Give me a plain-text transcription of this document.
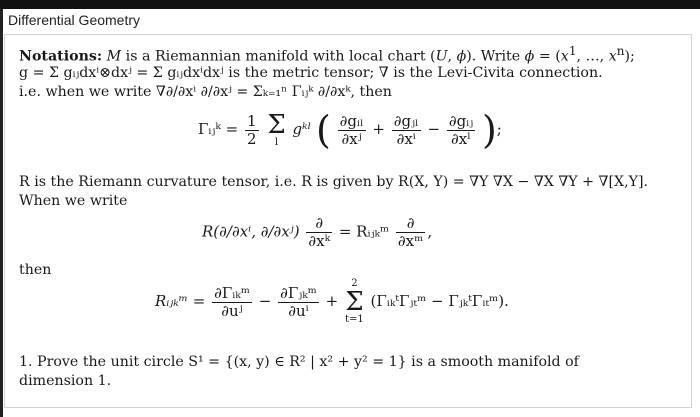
Differential Geometry
Notations: M is a Riemannian manifold with local chart (U, ϕ). Write $\phi = (x^1$, …, $x^n$);
g = Σ gᵢⱼdxⁱ⊗dxʲ = Σ gᵢⱼdxⁱdxʲ is the metric tensor; ∇ is the Levi-Civita connection.
i.e. when we write ∇∂/∂xⁱ ∂/∂xʲ = Σₖ₌₁ⁿ Γᵢⱼᵏ ∂/∂xᵏ, then
Γᵢⱼᵏ = $\frac{1}{2}$
Σ
l
gᵏˡ ( $\frac{\text{∂gᵢₗ}}{\text{∂xʲ}} + \frac{\text{∂gⱼₗ}}{\text{∂xⁱ}} - \frac{\text{∂gᵢⱼ}}{\text{∂xˡ}}$ );
R is the Riemann curvature tensor, i.e. R is given by R(X, Y) = ∇Y ∇X − ∇X ∇Y + ∇[X,Y].
When we write
R(∂/∂xⁱ, ∂/∂xʲ) $\frac{\partial}{\text{∂xᵏ}}$ = Rᵢⱼₖᵐ $\frac{\partial}{\text{∂xᵐ}}$ ,
then
Rᵢⱼₖᵐ = $\frac{\text{∂Γᵢₖᵐ}}{\text{∂uʲ}} - \frac{\text{∂Γⱼₖᵐ}}{\text{∂uⁱ}}$ +
2
Σ
t=1
(ΓᵢₖᵗΓⱼₜᵐ − ΓⱼₖᵗΓᵢₜᵐ).
1. Prove the unit circle S¹ = {(x, y) ∈ R² | x² + y² = 1} is a smooth manifold of
dimension 1.
